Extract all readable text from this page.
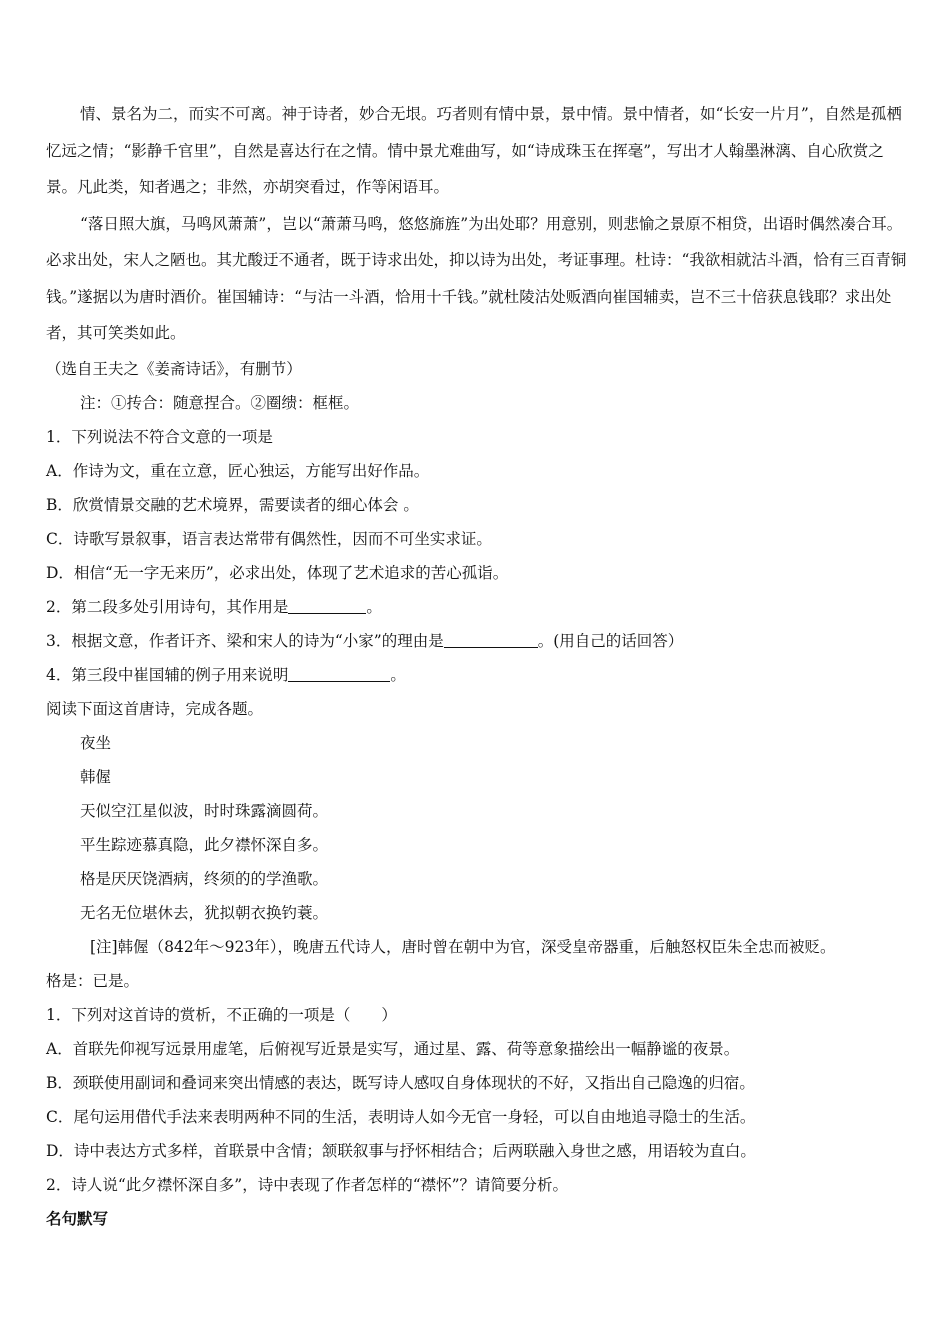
情、景名为二，而实不可离。神于诗者，妙合无垠。巧者则有情中景，景中情。景中情者，如“长安一片月”，自然是孤栖忆远之情；“影静千官里”，自然是喜达行在之情。情中景尤难曲写，如“诗成珠玉在挥毫”，写出才人翰墨淋漓、自心欣赏之景。凡此类，知者遇之；非然，亦胡突看过，作等闲语耳。

“落日照大旗，马鸣风萧萧”，岂以“萧萧马鸣，悠悠旆旌”为出处耶？用意别，则悲愉之景原不相贷，出语时偶然凑合耳。必求出处，宋人之陋也。其尤酸迂不通者，既于诗求出处，抑以诗为出处，考证事理。杜诗：“我欲相就沽斗酒，恰有三百青铜钱。”遂据以为唐时酒价。崔国辅诗：“与沽一斗酒，恰用十千钱。”就杜陵沽处贩酒向崔国辅卖，岂不三十倍获息钱耶？求出处者，其可笑类如此。

（选自王夫之《姜斋诗话》，有删节）

注：①抟合：随意捏合。②圈缋：框框。

1．下列说法不符合文意的一项是

A．作诗为文，重在立意，匠心独运，方能写出好作品。

B．欣赏情景交融的艺术境界，需要读者的细心体会 。

C．诗歌写景叙事，语言表达常带有偶然性，因而不可坐实求证。

D．相信“无一字无来历”，必求出处，体现了艺术追求的苦心孤诣。

2．第二段多处引用诗句，其作用是	。

3．根据文意，作者讦齐、梁和宋人的诗为“小家”的理由是	。(用自己的话回答）

4．第三段中崔国辅的例子用来说明	。

阅读下面这首唐诗，完成各题。

夜坐

韩偓

天似空江星似波，时时珠露滴圆荷。

平生踪迹慕真隐，此夕襟怀深自多。

格是厌厌饶酒病，终须的的学渔歌。

无名无位堪休去，犹拟朝衣换钓蓑。

[注]韩偓（842年～923年），晚唐五代诗人，唐时曾在朝中为官，深受皇帝器重，后触怒权臣朱全忠而被贬。

格是：已是。

1．下列对这首诗的赏析，不正确的一项是（　　）

A．首联先仰视写远景用虚笔，后俯视写近景是实写，通过星、露、荷等意象描绘出一幅静谧的夜景。

B．颈联使用副词和叠词来突出情感的表达，既写诗人感叹自身体现状的不好，又指出自己隐逸的归宿。

C．尾句运用借代手法来表明两种不同的生活，表明诗人如今无官一身轻，可以自由地追寻隐士的生活。

D．诗中表达方式多样，首联景中含情；颔联叙事与抒怀相结合；后两联融入身世之感，用语较为直白。

2．诗人说“此夕襟怀深自多”，诗中表现了作者怎样的“襟怀”？请简要分析。

名句默写
